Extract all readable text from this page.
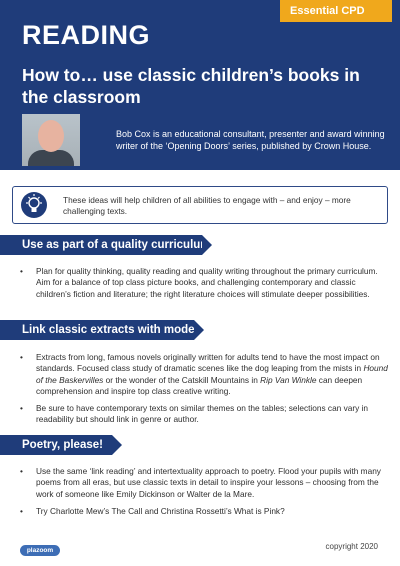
Essential CPD
READING
How to… use classic children’s books in the classroom
Bob Cox is an educational consultant, presenter and award winning writer of the ‘Opening Doors’ series, published by Crown House.
These ideas will help children of all abilities to engage with – and enjoy – more challenging texts.
Use as part of a quality curriculum
• Plan for quality thinking, quality reading and quality writing throughout the primary curriculum. Aim for a balance of top class picture books, and challenging contemporary and classic children’s fiction and literature; the right literature choices will stimulate deeper possibilities.
Link classic extracts with modern
• Extracts from long, famous novels originally written for adults tend to have the most impact on standards. Focused class study of dramatic scenes like the dog leaping from the mists in Hound of the Baskervilles or the wonder of the Catskill Mountains in Rip Van Winkle can deepen comprehension and inspire top class creative writing.
• Be sure to have contemporary texts on similar themes on the tables; selections can vary in readability but should link in genre or author.
Poetry, please!
• Use the same ‘link reading’ and intertextuality approach to poetry. Flood your pupils with many poems from all eras, but use classic texts in detail to inspire your lessons – choosing from the work of someone like Emily Dickinson or Walter de la Mare.
• Try Charlotte Mew’s The Call and Christina Rossetti’s What is Pink?
plazoom	copyright 2020
